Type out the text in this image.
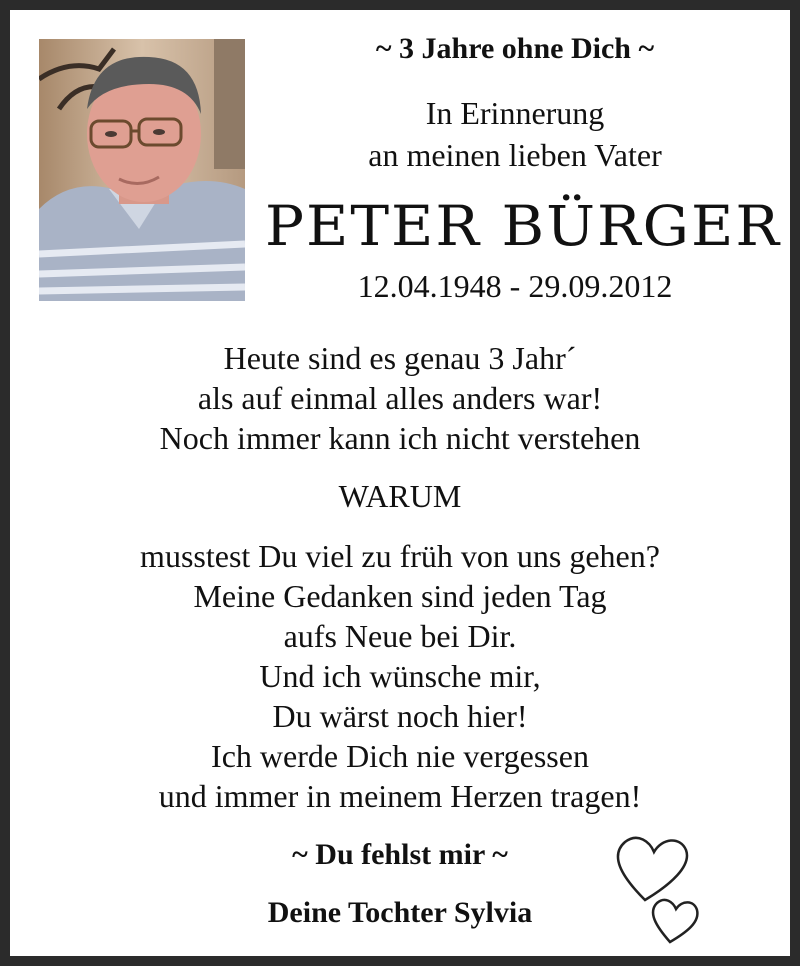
~ 3 Jahre ohne Dich ~
In Erinnerung
an meinen lieben Vater
PETER BÜRGER
12.04.1948 - 29.09.2012
Heute sind es genau 3 Jahr´
als auf einmal alles anders war!
Noch immer kann ich nicht verstehen
WARUM
musstest Du viel zu früh von uns gehen?
Meine Gedanken sind jeden Tag
aufs Neue bei Dir.
Und ich wünsche mir,
Du wärst noch hier!
Ich werde Dich nie vergessen
und immer in meinem Herzen tragen!
~ Du fehlst mir ~
Deine Tochter Sylvia
